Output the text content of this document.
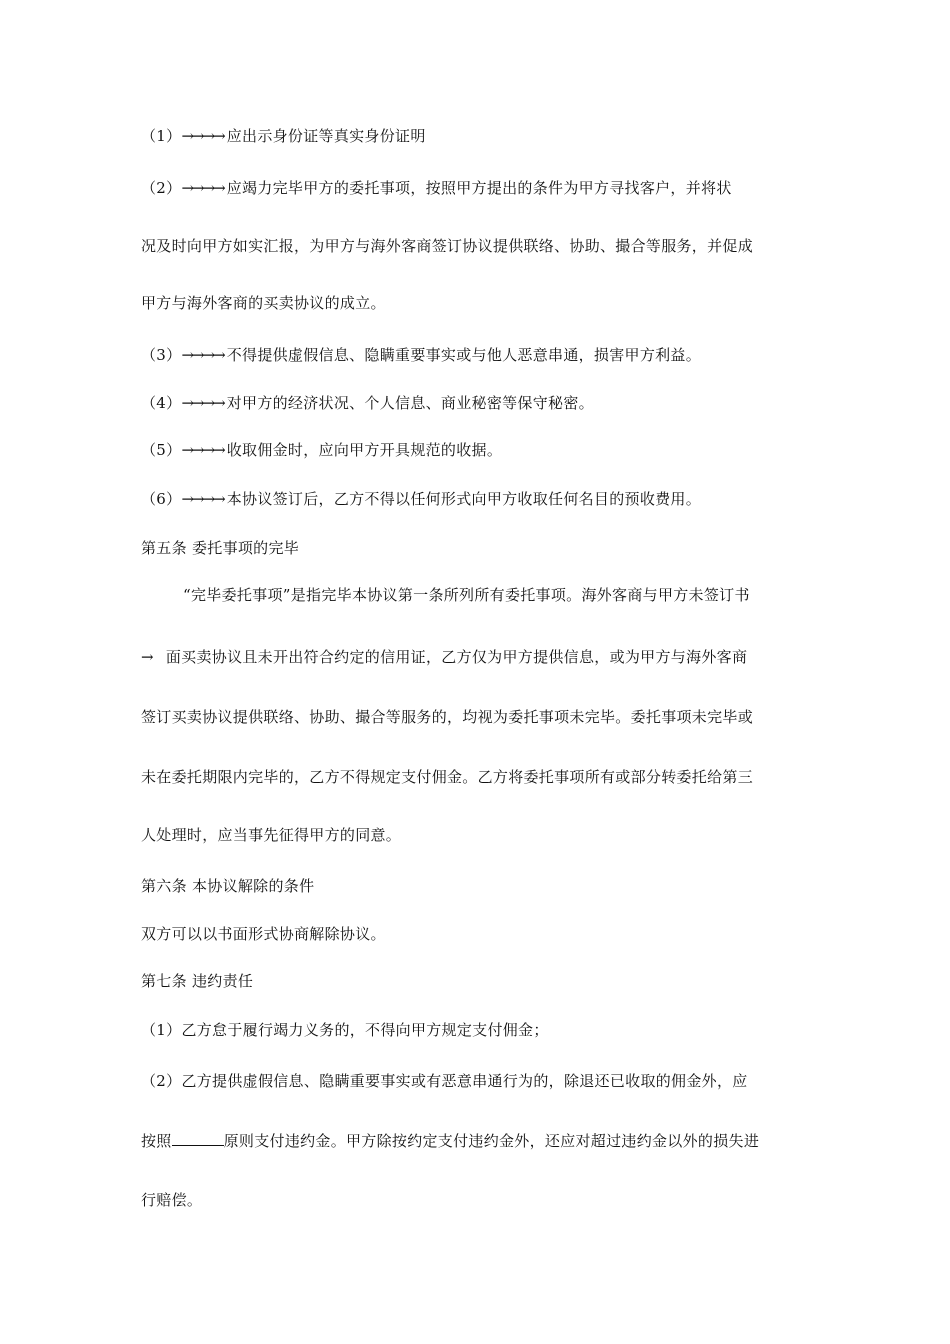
（1）→→→→ 应出示身份证等真实身份证明
（2）→→→→ 应竭力完毕甲方的委托事项，按照甲方提出的条件为甲方寻找客户，并将状
况及时向甲方如实汇报，为甲方与海外客商签订协议提供联络、协助、撮合等服务，并促成
甲方与海外客商的买卖协议的成立。
（3）→→→→ 不得提供虚假信息、隐瞒重要事实或与他人恶意串通，损害甲方利益。
（4）→→→→ 对甲方的经济状况、个人信息、商业秘密等保守秘密。
（5）→→→→ 收取佣金时，应向甲方开具规范的收据。
（6）→→→→ 本协议签订后，乙方不得以任何形式向甲方收取任何名目的预收费用。
第五条 委托事项的完毕
“完毕委托事项”是指完毕本协议第一条所列所有委托事项。海外客商与甲方未签订书
→ 面买卖协议且未开出符合约定的信用证，乙方仅为甲方提供信息，或为甲方与海外客商
签订买卖协议提供联络、协助、撮合等服务的，均视为委托事项未完毕。委托事项未完毕或
未在委托期限内完毕的，乙方不得规定支付佣金。乙方将委托事项所有或部分转委托给第三
人处理时，应当事先征得甲方的同意。
第六条 本协议解除的条件
双方可以以书面形式协商解除协议。
第七条 违约责任
（1）乙方怠于履行竭力义务的，不得向甲方规定支付佣金；
（2）乙方提供虚假信息、隐瞒重要事实或有恶意串通行为的，除退还已收取的佣金外，应
按照	原则支付违约金。甲方除按约定支付违约金外，还应对超过违约金以外的损失进
行赔偿。
